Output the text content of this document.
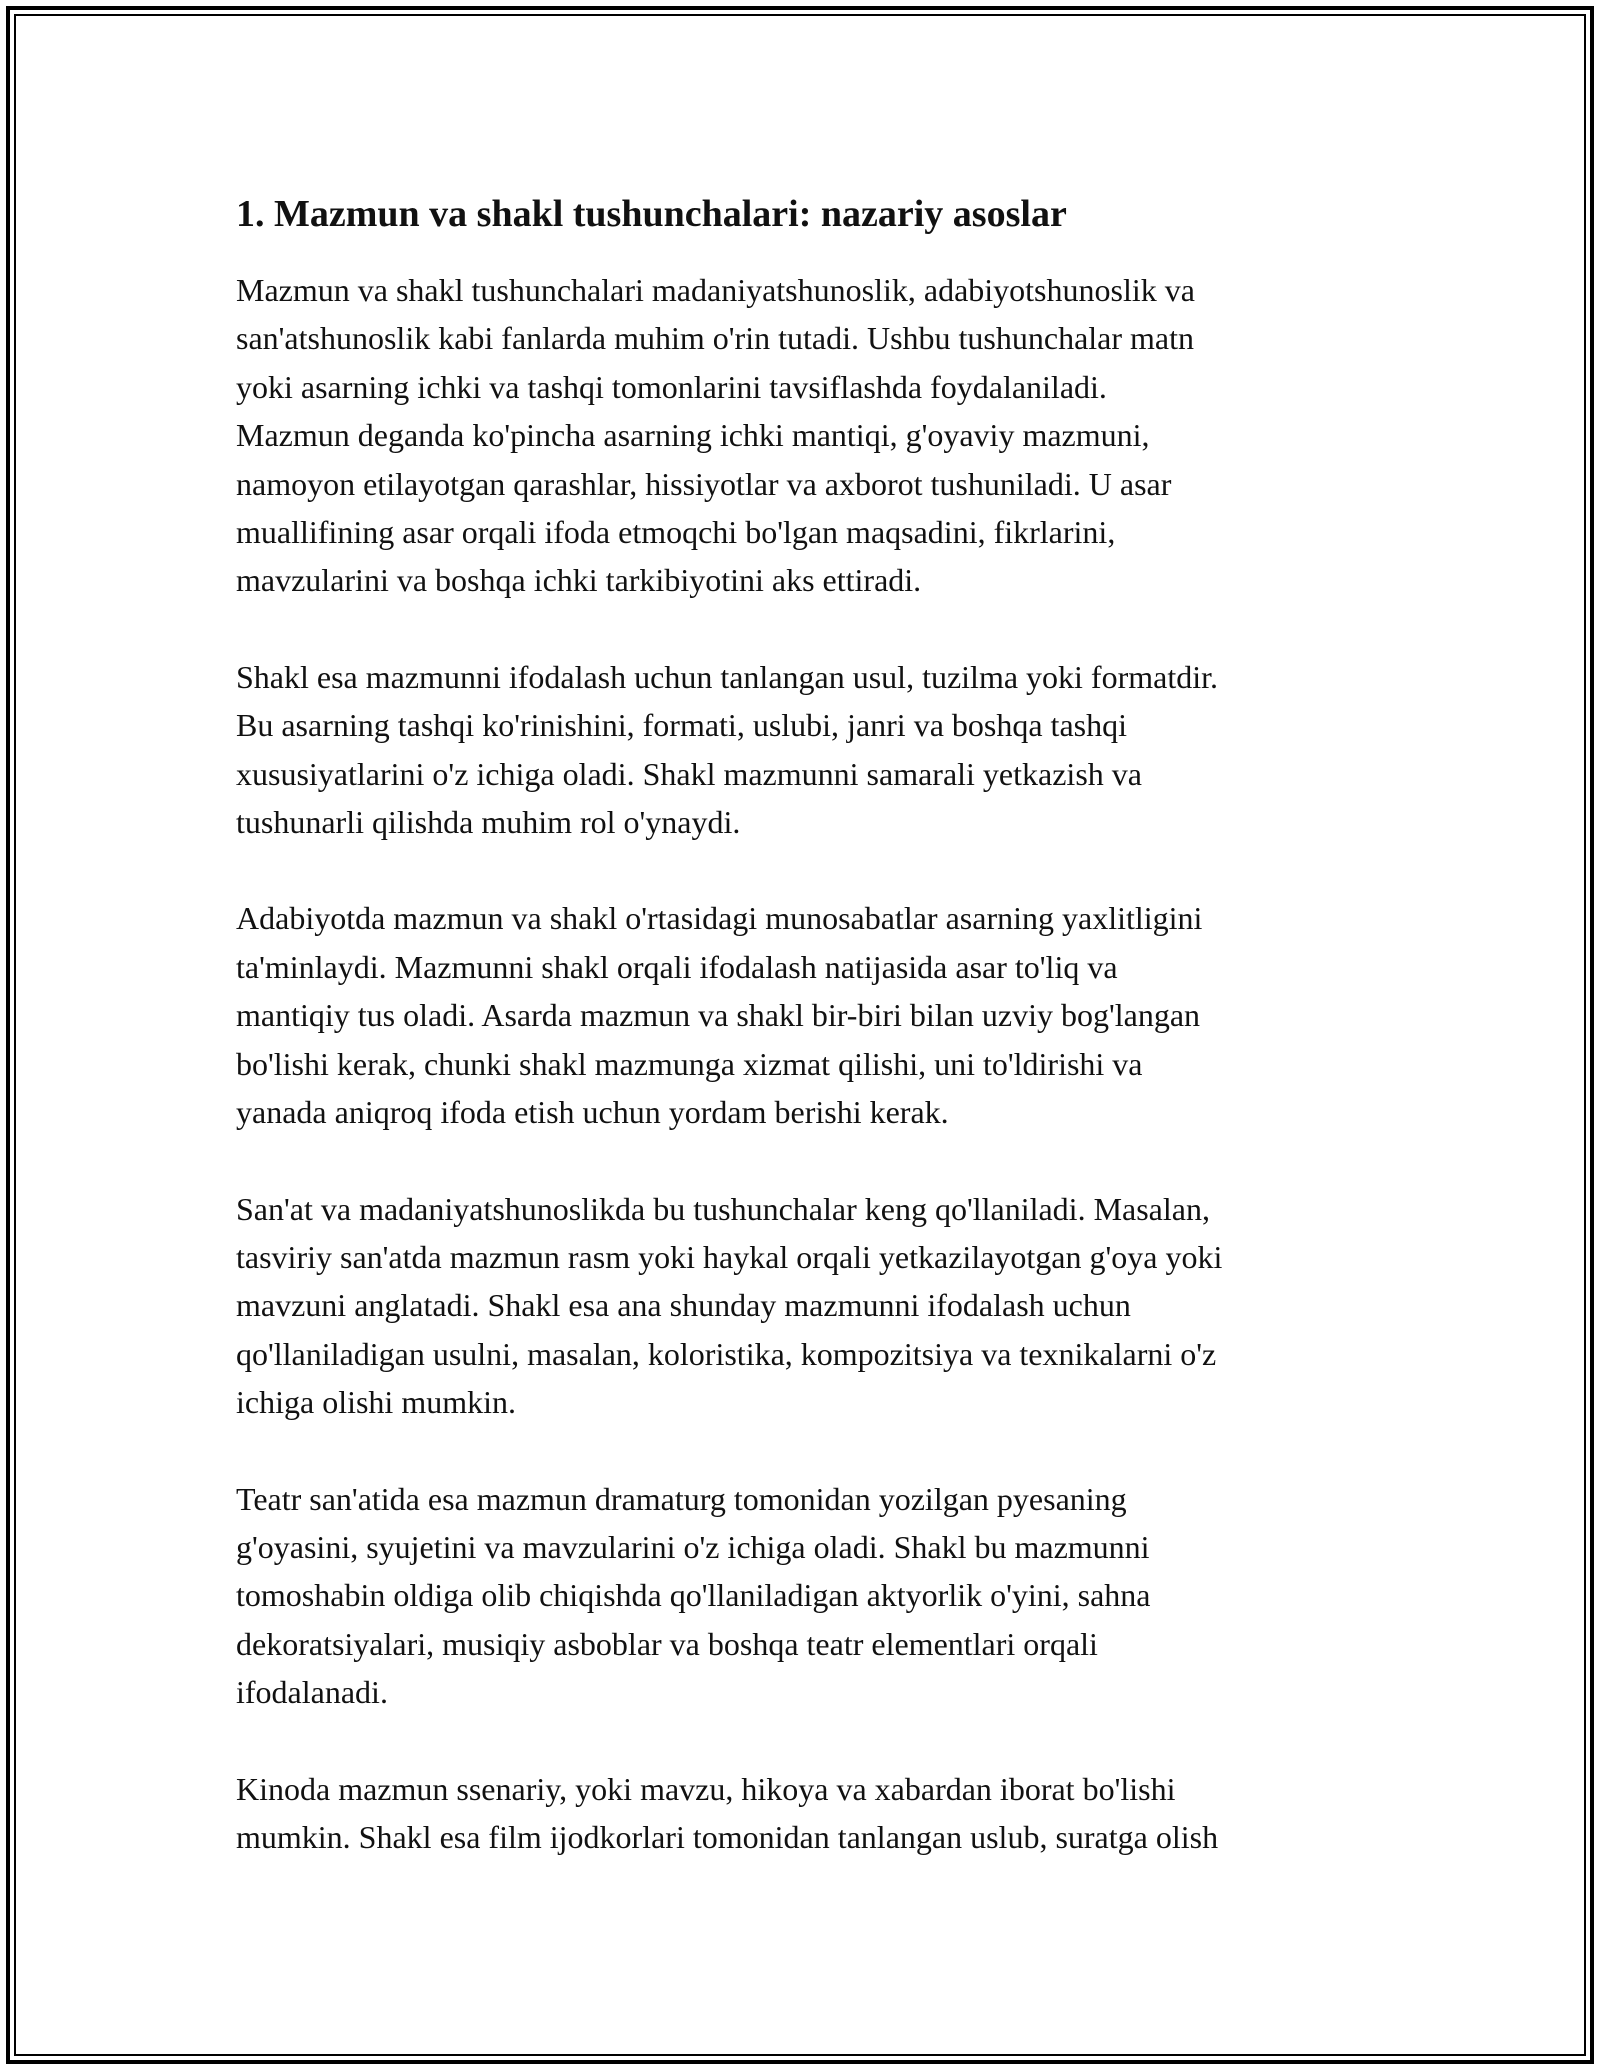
1. Mazmun va shakl tushunchalari: nazariy asoslar

Mazmun va shakl tushunchalari madaniyatshunoslik, adabiyotshunoslik va
san'atshunoslik kabi fanlarda muhim o'rin tutadi. Ushbu tushunchalar matn
yoki asarning ichki va tashqi tomonlarini tavsiflashda foydalaniladi.
Mazmun deganda ko'pincha asarning ichki mantiqi, g'oyaviy mazmuni,
namoyon etilayotgan qarashlar, hissiyotlar va axborot tushuniladi. U asar
muallifining asar orqali ifoda etmoqchi bo'lgan maqsadini, fikrlarini,
mavzularini va boshqa ichki tarkibiyotini aks ettiradi.

Shakl esa mazmunni ifodalash uchun tanlangan usul, tuzilma yoki formatdir.
Bu asarning tashqi ko'rinishini, formati, uslubi, janri va boshqa tashqi
xususiyatlarini o'z ichiga oladi. Shakl mazmunni samarali yetkazish va
tushunarli qilishda muhim rol o'ynaydi.

Adabiyotda mazmun va shakl o'rtasidagi munosabatlar asarning yaxlitligini
ta'minlaydi. Mazmunni shakl orqali ifodalash natijasida asar to'liq va
mantiqiy tus oladi. Asarda mazmun va shakl bir-biri bilan uzviy bog'langan
bo'lishi kerak, chunki shakl mazmunga xizmat qilishi, uni to'ldirishi va
yanada aniqroq ifoda etish uchun yordam berishi kerak.

San'at va madaniyatshunoslikda bu tushunchalar keng qo'llaniladi. Masalan,
tasviriy san'atda mazmun rasm yoki haykal orqali yetkazilayotgan g'oya yoki
mavzuni anglatadi. Shakl esa ana shunday mazmunni ifodalash uchun
qo'llaniladigan usulni, masalan, koloristika, kompozitsiya va texnikalarni o'z
ichiga olishi mumkin.

Teatr san'atida esa mazmun dramaturg tomonidan yozilgan pyesaning
g'oyasini, syujetini va mavzularini o'z ichiga oladi. Shakl bu mazmunni
tomoshabin oldiga olib chiqishda qo'llaniladigan aktyorlik o'yini, sahna
dekoratsiyalari, musiqiy asboblar va boshqa teatr elementlari orqali
ifodalanadi.

Kinoda mazmun ssenariy, yoki mavzu, hikoya va xabardan iborat bo'lishi
mumkin. Shakl esa film ijodkorlari tomonidan tanlangan uslub, suratga olish
